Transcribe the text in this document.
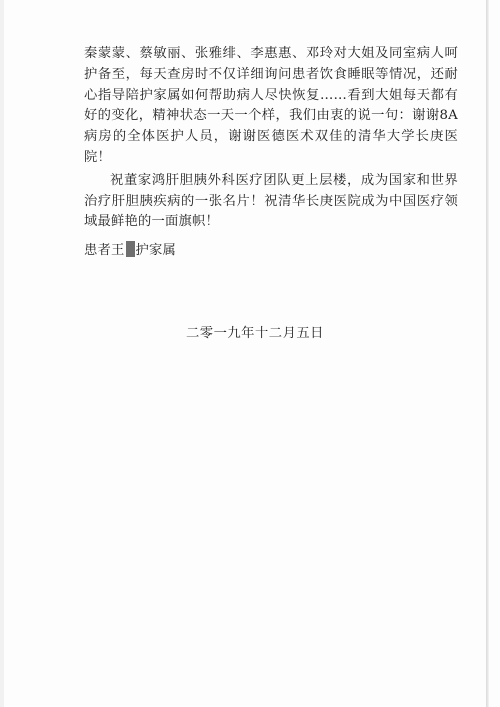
秦蒙蒙、蔡敏丽、张雅绯、李惠惠、邓玲对大姐及同室病人呵护备至，每天查房时不仅详细询问患者饮食睡眠等情况，还耐心指导陪护家属如何帮助病人尽快恢复……看到大姐每天都有好的变化，精神状态一天一个样，我们由衷的说一句：谢谢8A病房的全体医护人员，谢谢医德医术双佳的清华大学长庚医院！

祝董家鸿肝胆胰外科医疗团队更上层楼，成为国家和世界治疗肝胆胰疾病的一张名片！祝清华长庚医院成为中国医疗领域最鲜艳的一面旗帜！

患者王 护家属
二零一九年十二月五日
